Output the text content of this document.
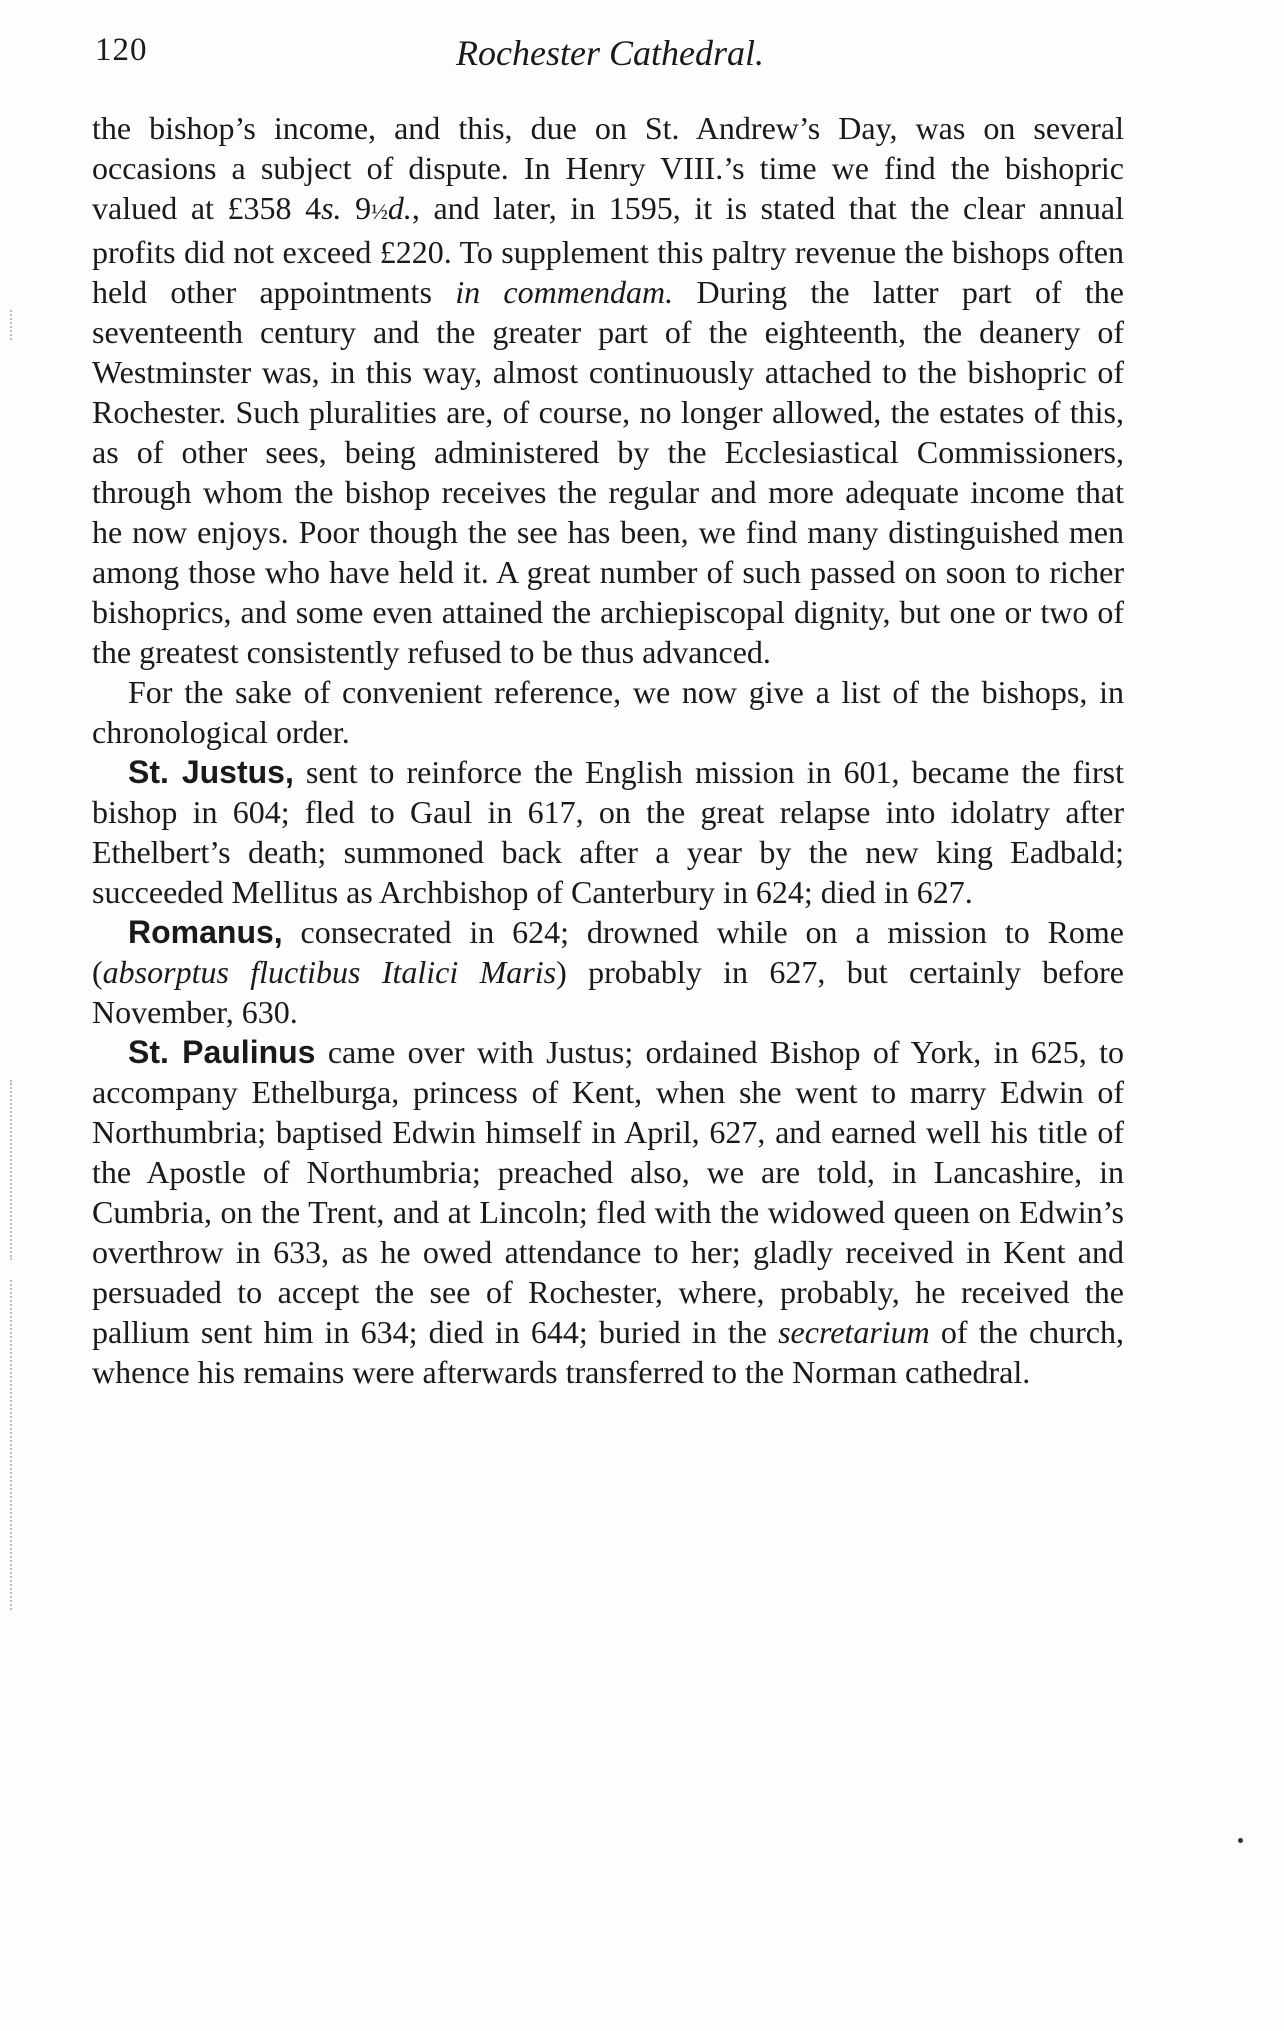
120	Rochester Cathedral.

the bishop’s income, and this, due on St. Andrew’s Day, was on several occasions a subject of dispute. In Henry VIII.’s time we find the bishopric valued at £358 4s. 9½d., and later, in 1595, it is stated that the clear annual profits did not exceed £220. To supplement this paltry revenue the bishops often held other appointments in commendam. During the latter part of the seventeenth century and the greater part of the eighteenth, the deanery of Westminster was, in this way, almost continuously attached to the bishopric of Rochester. Such pluralities are, of course, no longer allowed, the estates of this, as of other sees, being administered by the Ecclesiastical Commissioners, through whom the bishop receives the regular and more adequate income that he now enjoys. Poor though the see has been, we find many distinguished men among those who have held it. A great number of such passed on soon to richer bishoprics, and some even attained the archiepiscopal dignity, but one or two of the greatest consistently refused to be thus advanced.

For the sake of convenient reference, we now give a list of the bishops, in chronological order.

St. Justus, sent to reinforce the English mission in 601, became the first bishop in 604; fled to Gaul in 617, on the great relapse into idolatry after Ethelbert’s death; summoned back after a year by the new king Eadbald; succeeded Mellitus as Archbishop of Canterbury in 624; died in 627.

Romanus, consecrated in 624; drowned while on a mission to Rome (absorptus fluctibus Italici Maris) probably in 627, but certainly before November, 630.

St. Paulinus came over with Justus; ordained Bishop of York, in 625, to accompany Ethelburga, princess of Kent, when she went to marry Edwin of Northumbria; baptised Edwin himself in April, 627, and earned well his title of the Apostle of Northumbria; preached also, we are told, in Lancashire, in Cumbria, on the Trent, and at Lincoln; fled with the widowed queen on Edwin’s overthrow in 633, as he owed attendance to her; gladly received in Kent and persuaded to accept the see of Rochester, where, probably, he received the pallium sent him in 634; died in 644; buried in the secretarium of the church, whence his remains were afterwards transferred to the Norman cathedral.
